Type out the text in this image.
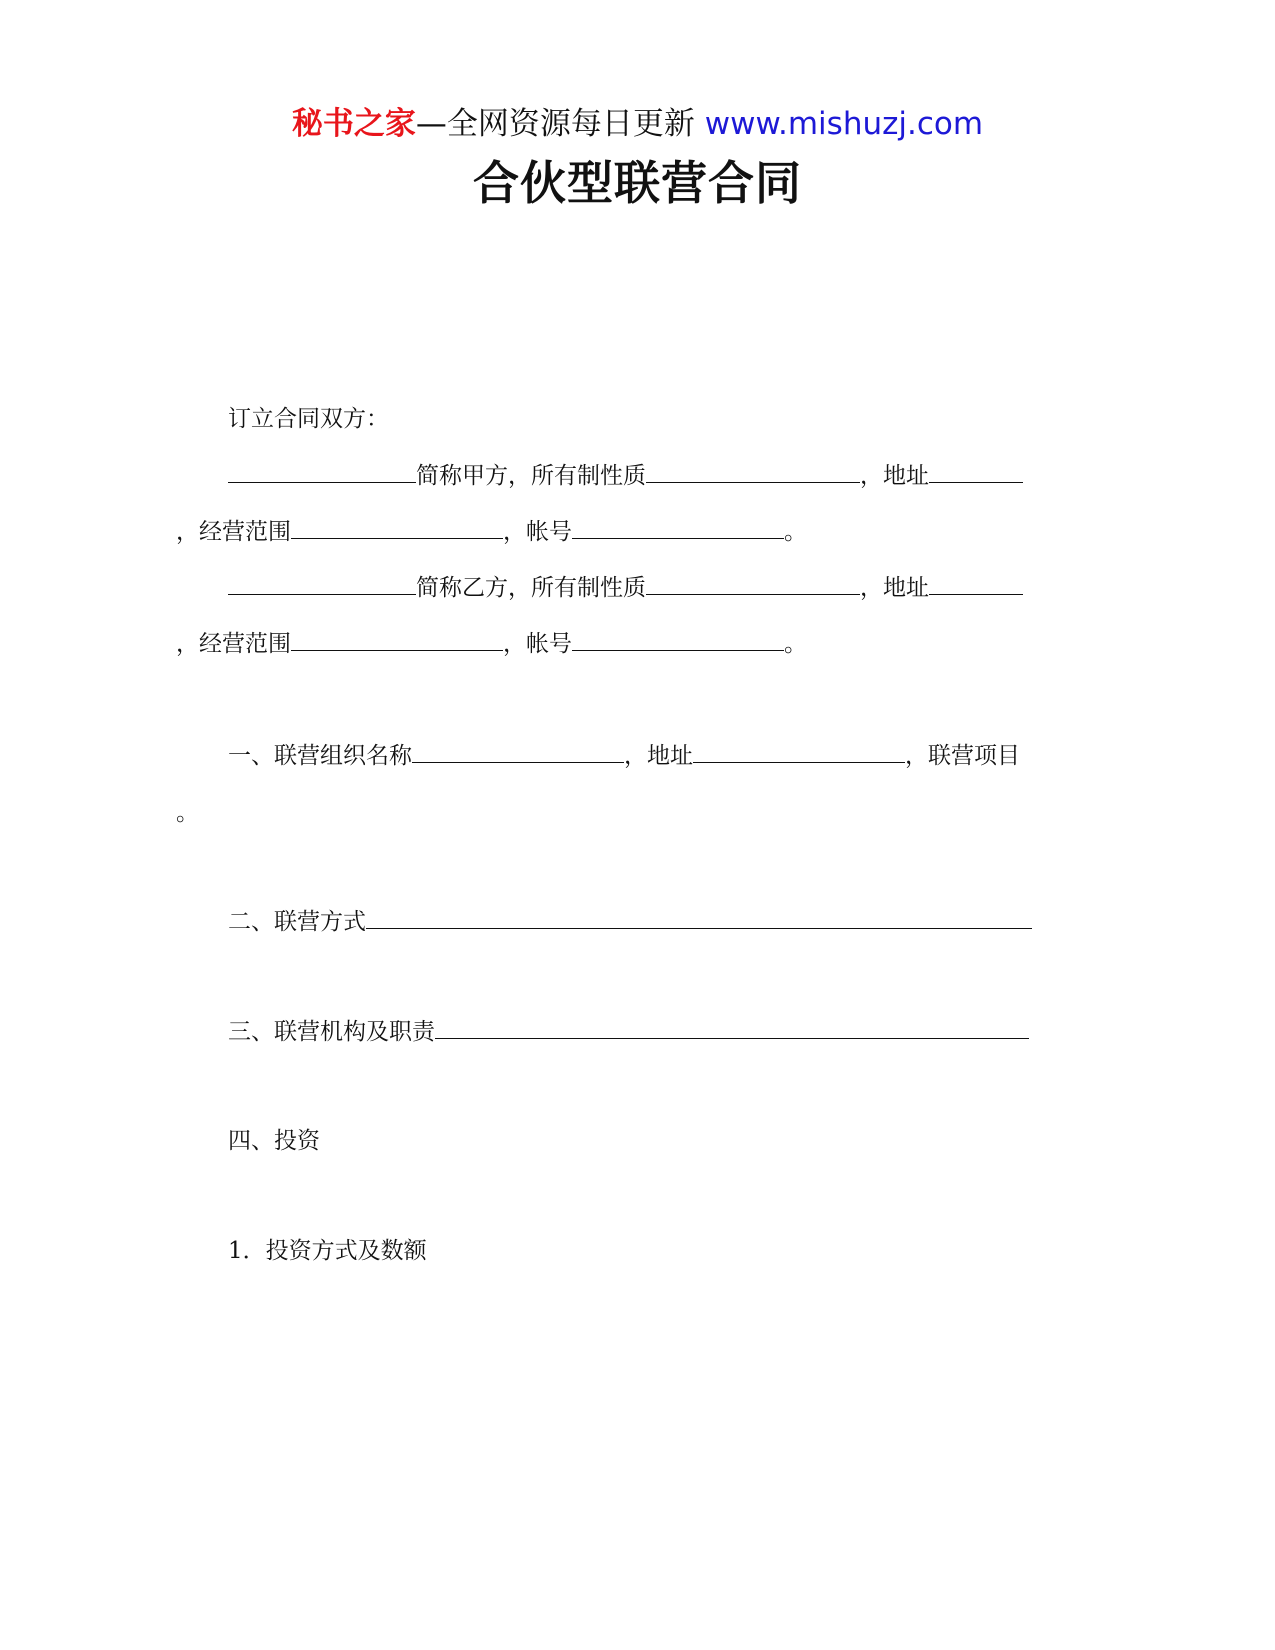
秘书之家—全网资源每日更新 www.mishuzj.com
合伙型联营合同
订立合同双方：
简称甲方，所有制性质	，地址
，经营范围	，帐号	。
简称乙方，所有制性质	，地址
，经营范围	，帐号	。
一、联营组织名称	，地址	，联营项目
。
二、联营方式
三、联营机构及职责
四、投资
1．投资方式及数额
